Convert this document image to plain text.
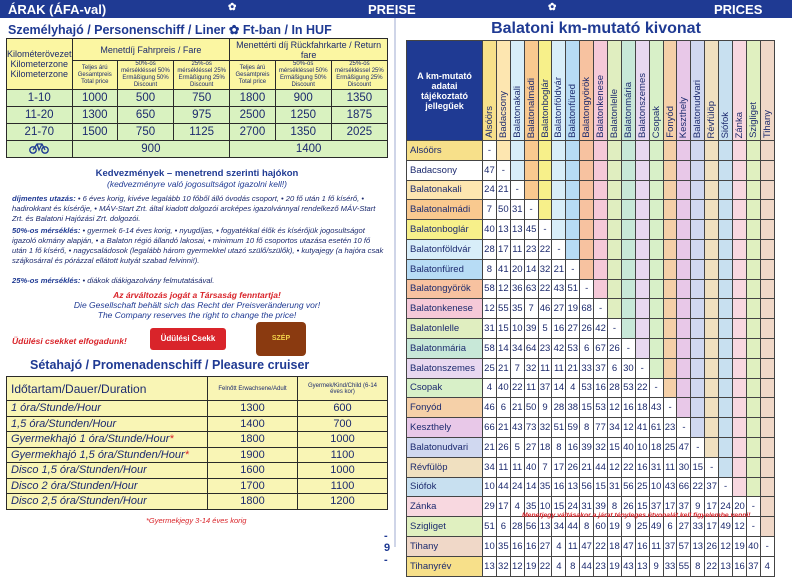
ÁRAK (ÁFA-val)	✿	PREISE	✿	PRICES
Személyhajó / Personenschiff / Liner ✿ Ft-ban / In HUF
Kilométerövezet Kilometerzone Kilometerzone	Menetdíj Fahrpreis / Fare			Menettérti díj Rückfahrkarte / Return fare		
	Teljes árú Gesamtpreis Total price	50%-os mérsékléssel 50% Ermäßigung 50% Discount	25%-os mérsékléssel 25% Ermäßigung 25% Discount	Teljes árú Gesamtpreis Total price	50%-os mérsékléssel 50% Ermäßigung 50% Discount	25%-os mérsékléssel 25% Ermäßigung 25% Discount
1-10	1000	500	750	1800	900	1350
11-20	1300	650	975	2500	1250	1875
21-70	1500	750	1125	2700	1350	2025
	900			1400		
Kedvezmények – menetrend szerinti hajókon
(kedvezményre való jogosultságot igazolni kell!)
díjmentes utazás: • 6 éves korig, kivéve legalább 10 főből álló óvodás csoport, • 20 fő után 1 fő kísérő, • hadirokkant és kísérője, • MÁV-Start Zrt. által kiadott dolgozói arcképes igazolvánnyal rendelkező MÁV-Start Zrt. és Balatoni Hajózási Zrt. dolgozói.
50%-os mérséklés: • gyermek 6-14 éves korig, • nyugdíjas, • fogyatékkal élők és kísérőjük jogosultságot igazoló okmány alapján, • a Balaton régió állandó lakosai, • minimum 10 fő csoportos utazása esetén 10 fő után 1 fő kísérő, • nagycsaládosok (legalább három gyermekkel utazó szülő/szülők), • kutyajegy (a hajóra csak szájkosárral és pórázzal ellátott kutyát szabad felvinni!).
25%-os mérséklés: • diákok diákigazolvány felmutatásával.
Az árváltozás jogát a Társaság fenntartja!
Die Gesellschaft behält sich das Recht der Preisveränderung vor!
The Company reserves the right to change the price!
Üdülési csekket elfogadunk!	Üdülési Csekk	SZÉP
Sétahajó / Promenadenschiff / Pleasure cruiser
Időtartam/Dauer/Duration	Felnőtt Erwachsene/Adult	Gyermek/Kind/Child (6-14 éves kor)
1 óra/Stunde/Hour	1300	600
1,5 óra/Stunden/Hour	1400	700
Gyermekhajó 1 óra/Stunde/Hour*	1800	1000
Gyermekhajó 1,5 óra/Stunden/Hour*	1900	1100
Disco 1,5 óra/Stunden/Hour	1600	1000
Disco 2 óra/Stunden/Hour	1700	1100
Disco 2,5 óra/Stunden/Hour	1800	1200
*Gyermekjegy 3-14 éves korig
- 9 -
Balatoni km-mutató kivonat
A km-mutató adatai tájékoztató jellegűek	Alsóörs	Badacsony	Balatonakali	Balatonalmádi	Balatonboglár	Balatonföldvár	Balatonfüred	Balatongyörök	Balatonkenese	Balatonlelle	Balatonmária	Balatonszemes	Csopak	Fonyód	Keszthely	Balatonudvari	Révfülöp	Siófok	Zánka	Szigliget	Tihany

Alsóörs	-																				
Badacsony	47	-																			
Balatonakali	24	21	-																		
Balatonalmádi	7	50	31	-																	
Balatonboglár	40	13	13	45	-																
Balatonföldvár	28	17	11	23	22	-															
Balatonfüred	8	41	20	14	32	21	-														
Balatongyörök	58	12	36	63	22	43	51	-													
Balatonkenese	12	55	35	7	46	27	19	68	-												
Balatonlelle	31	15	10	39	5	16	27	26	42	-											
Balatonmária	58	14	34	64	23	42	53	6	67	26	-										
Balatonszemes	25	21	7	32	11	11	21	33	37	6	30	-									
Csopak	4	40	22	11	37	14	4	53	16	28	53	22	-								
Fonyód	46	6	21	50	9	28	38	15	53	12	16	18	43	-							
Keszthely	66	21	43	73	32	51	59	8	77	34	12	41	61	23	-						
Balatonudvari	21	26	5	27	18	8	16	39	32	15	40	10	18	25	47	-					
Révfülöp	34	11	11	40	7	17	26	21	44	12	22	16	31	11	30	15	-				
Siófok	10	44	24	14	35	16	13	56	15	31	56	25	10	43	66	22	37	-			
Zánka	29	17	4	35	10	15	24	31	39	8	26	15	37	17	37	9	17	24	20	-	
Szigliget	51	6	28	56	13	34	44	8	60	19	9	25	49	6	27	33	17	49	12	-	
Tihany	10	35	16	16	27	4	11	47	22	18	47	16	11	37	57	13	26	12	19	40	-
Tihanyrév	13	32	12	19	22	4	8	44	23	19	43	13	9	33	55	8	22	13	16	37	4
Menetjegy váltásakor a járat tényleges útvonalát kell figyelembe venni!
